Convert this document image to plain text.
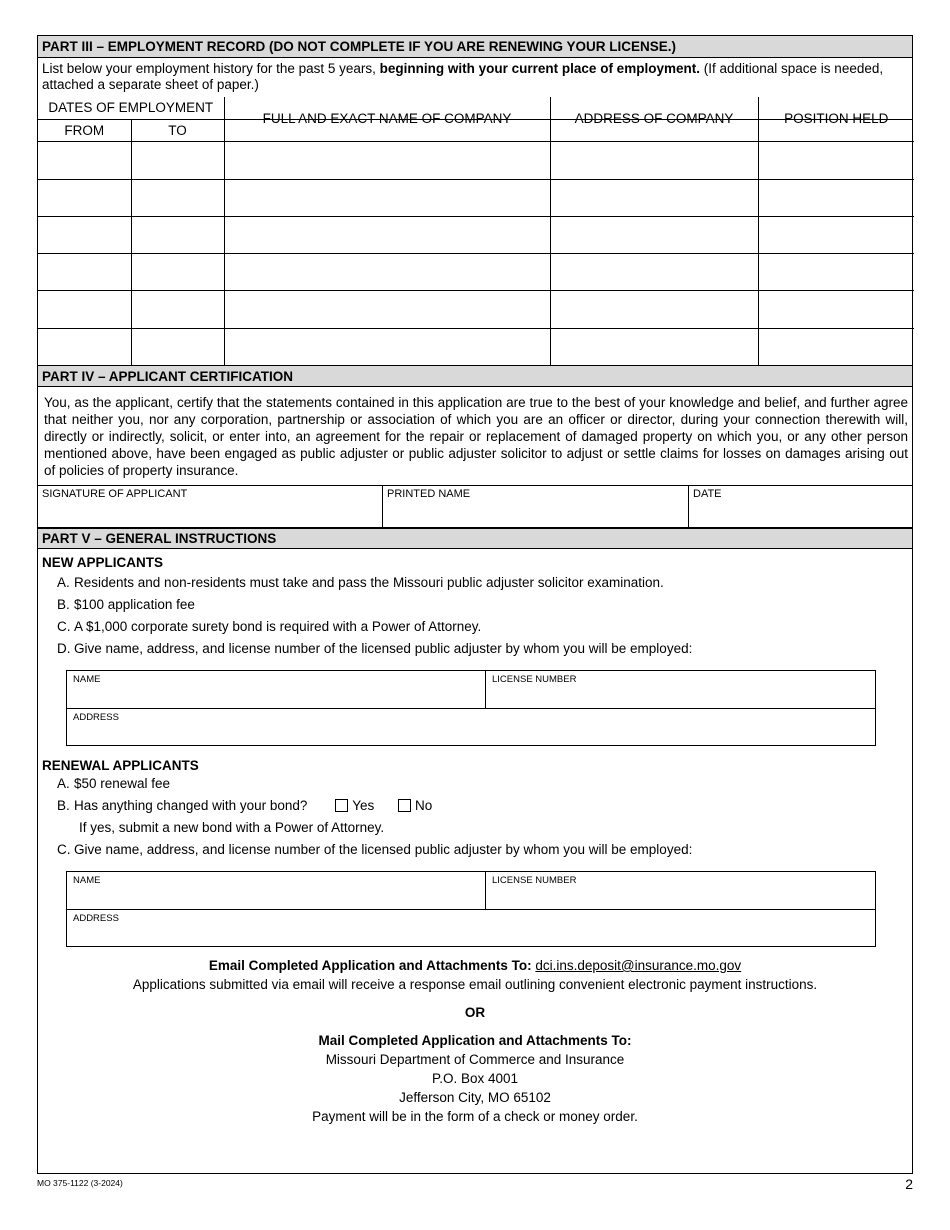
PART III – EMPLOYMENT RECORD (DO NOT COMPLETE IF YOU ARE RENEWING YOUR LICENSE.)
List below your employment history for the past 5 years, beginning with your current place of employment. (If additional space is needed, attached a separate sheet of paper.)
DATES OF EMPLOYMENT		FULL AND EXACT NAME OF COMPANY	ADDRESS OF COMPANY	POSITION HELD
FROM	TO			

PART IV – APPLICANT CERTIFICATION
You, as the applicant, certify that the statements contained in this application are true to the best of your knowledge and belief, and further agree that neither you, nor any corporation, partnership or association of which you are an officer or director, during your connection therewith will, directly or indirectly, solicit, or enter into, an agreement for the repair or replacement of damaged property on which you, or any other person mentioned above, have been engaged as public adjuster or public adjuster solicitor to adjust or settle claims for losses on damages arising out of policies of property insurance.
SIGNATURE OF APPLICANT	PRINTED NAME	DATE
PART V – GENERAL INSTRUCTIONS
NEW APPLICANTS
A. Residents and non-residents must take and pass the Missouri public adjuster solicitor examination.
B. $100 application fee
C. A $1,000 corporate surety bond is required with a Power of Attorney.
D. Give name, address, and license number of the licensed public adjuster by whom you will be employed:
NAME	LICENSE NUMBER
ADDRESS
RENEWAL APPLICANTS
A. $50 renewal fee
B. Has anything changed with your bond?	Yes	No
If yes, submit a new bond with a Power of Attorney.
C. Give name, address, and license number of the licensed public adjuster by whom you will be employed:
NAME	LICENSE NUMBER
ADDRESS
Email Completed Application and Attachments To: dci.ins.deposit@insurance.mo.gov
Applications submitted via email will receive a response email outlining convenient electronic payment instructions.
OR
Mail Completed Application and Attachments To:
Missouri Department of Commerce and Insurance
P.O. Box 4001
Jefferson City, MO 65102
Payment will be in the form of a check or money order.
MO 375-1122 (3-2024)	2
